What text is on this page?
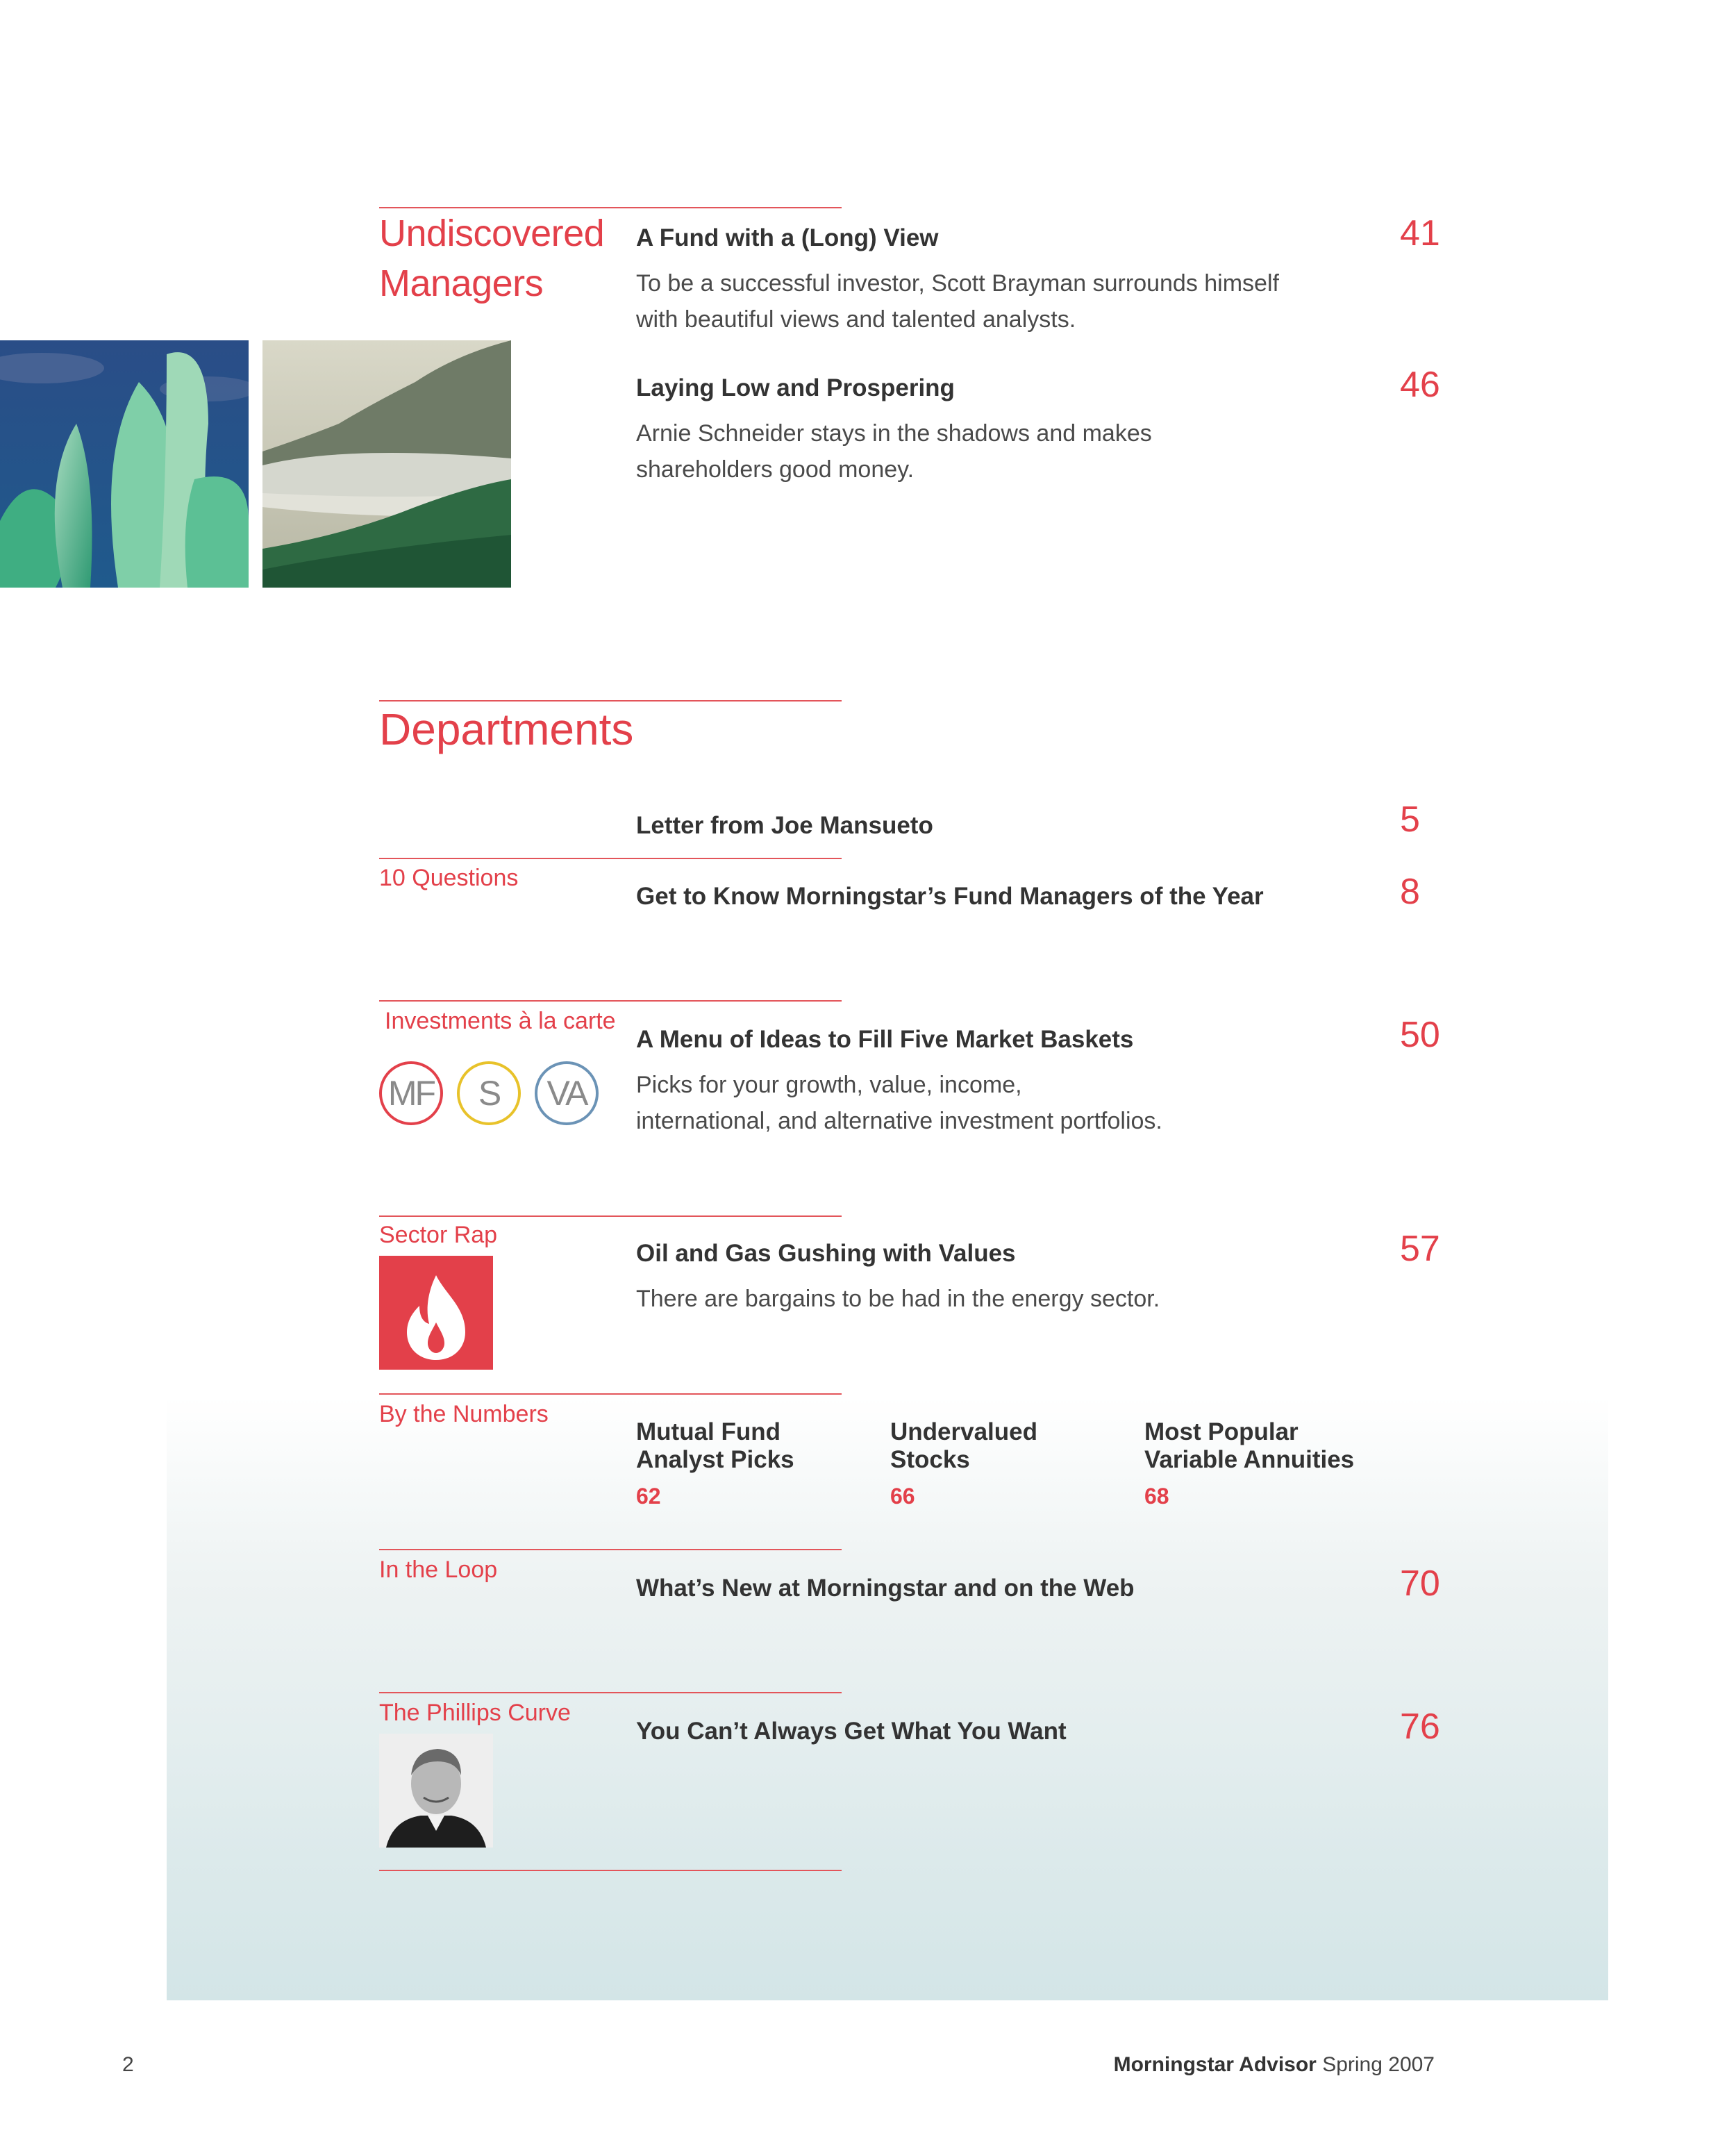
Undiscovered
Managers
A Fund with a (Long) View
To be a successful investor, Scott Brayman surrounds himself
with beautiful views and talented analysts.
41
Laying Low and Prospering
Arnie Schneider stays in the shadows and makes
shareholders good money.
46
Departments
Letter from Joe Mansueto	5
10 Questions
Get to Know Morningstar’s Fund Managers of the Year	8
Investments à la carte
MF	S	VA
A Menu of Ideas to Fill Five Market Baskets
Picks for your growth, value, income,
international, and alternative investment portfolios.
50
Sector Rap
Oil and Gas Gushing with Values
There are bargains to be had in the energy sector.
57
By the Numbers
Mutual Fund
Analyst Picks
62
Undervalued
Stocks
66
Most Popular
Variable Annuities
68
In the Loop
What’s New at Morningstar and on the Web	70
The Phillips Curve
You Can’t Always Get What You Want	76
2	Morningstar Advisor Spring 2007
